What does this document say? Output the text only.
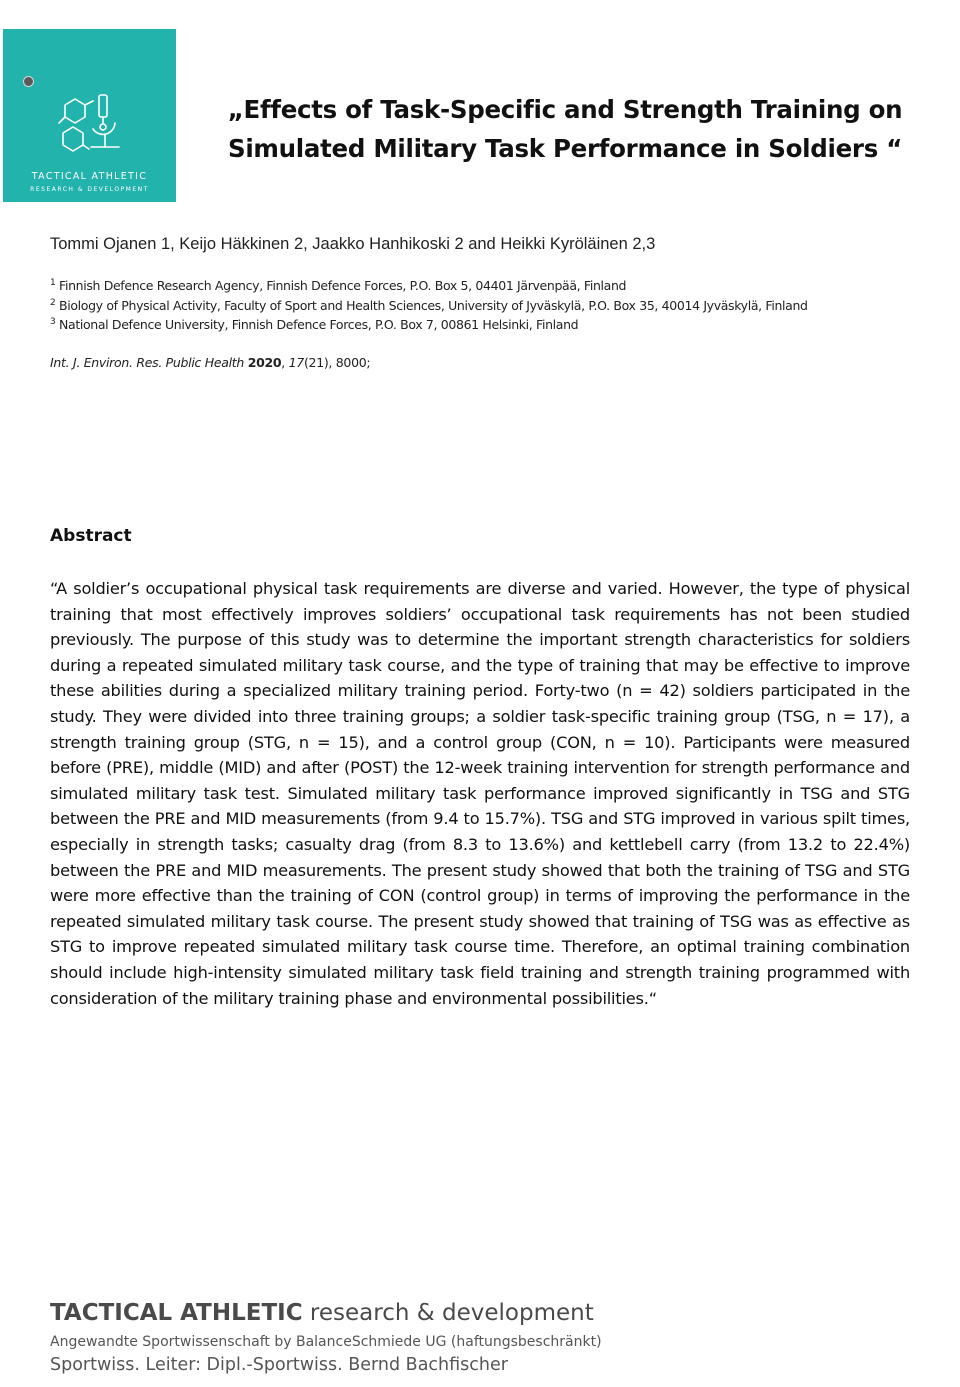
TACTICAL ATHLETIC
RESEARCH & DEVELOPMENT
„Effects of Task-Specific and Strength Training on
Simulated Military Task Performance in Soldiers “
Tommi Ojanen 1, Keijo Häkkinen 2, Jaakko Hanhikoski 2 and Heikki Kyröläinen 2,3
$^1$ Finnish Defence Research Agency, Finnish Defence Forces, P.O. Box 5, 04401 Järvenpää, Finland
$^2$ Biology of Physical Activity, Faculty of Sport and Health Sciences, University of Jyväskylä, P.O. Box 35, 40014 Jyväskylä, Finland
$^3$ National Defence University, Finnish Defence Forces, P.O. Box 7, 00861 Helsinki, Finland
Int. J. Environ. Res. Public Health 2020, 17(21), 8000;
Abstract

“A soldier’s occupational physical task requirements are diverse and varied. However, the type of physical training that most effectively improves soldiers’ occupational task requirements has not been studied previously. The purpose of this study was to determine the important strength characteristics for soldiers during a repeated simulated military task course, and the type of training that may be effective to improve these abilities during a specialized military training period. Forty-two (n = 42) soldiers participated in the study. They were divided into three training groups; a soldier task-specific training group (TSG, n = 17), a strength training group (STG, n = 15), and a control group (CON, n = 10). Participants were measured before (PRE), middle (MID) and after (POST) the 12-week training intervention for strength performance and simulated military task test. Simulated military task performance improved significantly in TSG and STG between the PRE and MID measurements (from 9.4 to 15.7%). TSG and STG improved in various spilt times, especially in strength tasks; casualty drag (from 8.3 to 13.6%) and kettlebell carry (from 13.2 to 22.4%) between the PRE and MID measurements. The present study showed that both the training of TSG and STG were more effective than the training of CON (control group) in terms of improving the performance in the repeated simulated military task course. The present study showed that training of TSG was as effective as STG to improve repeated simulated military task course time. Therefore, an optimal training combination should include high-intensity simulated military task field training and strength training programmed with consideration of the military training phase and environmental possibilities.“

TACTICAL ATHLETIC research & development
Angewandte Sportwissenschaft by BalanceSchmiede UG (haftungsbeschränkt)
Sportwiss. Leiter: Dipl.-Sportwiss. Bernd Bachfischer
